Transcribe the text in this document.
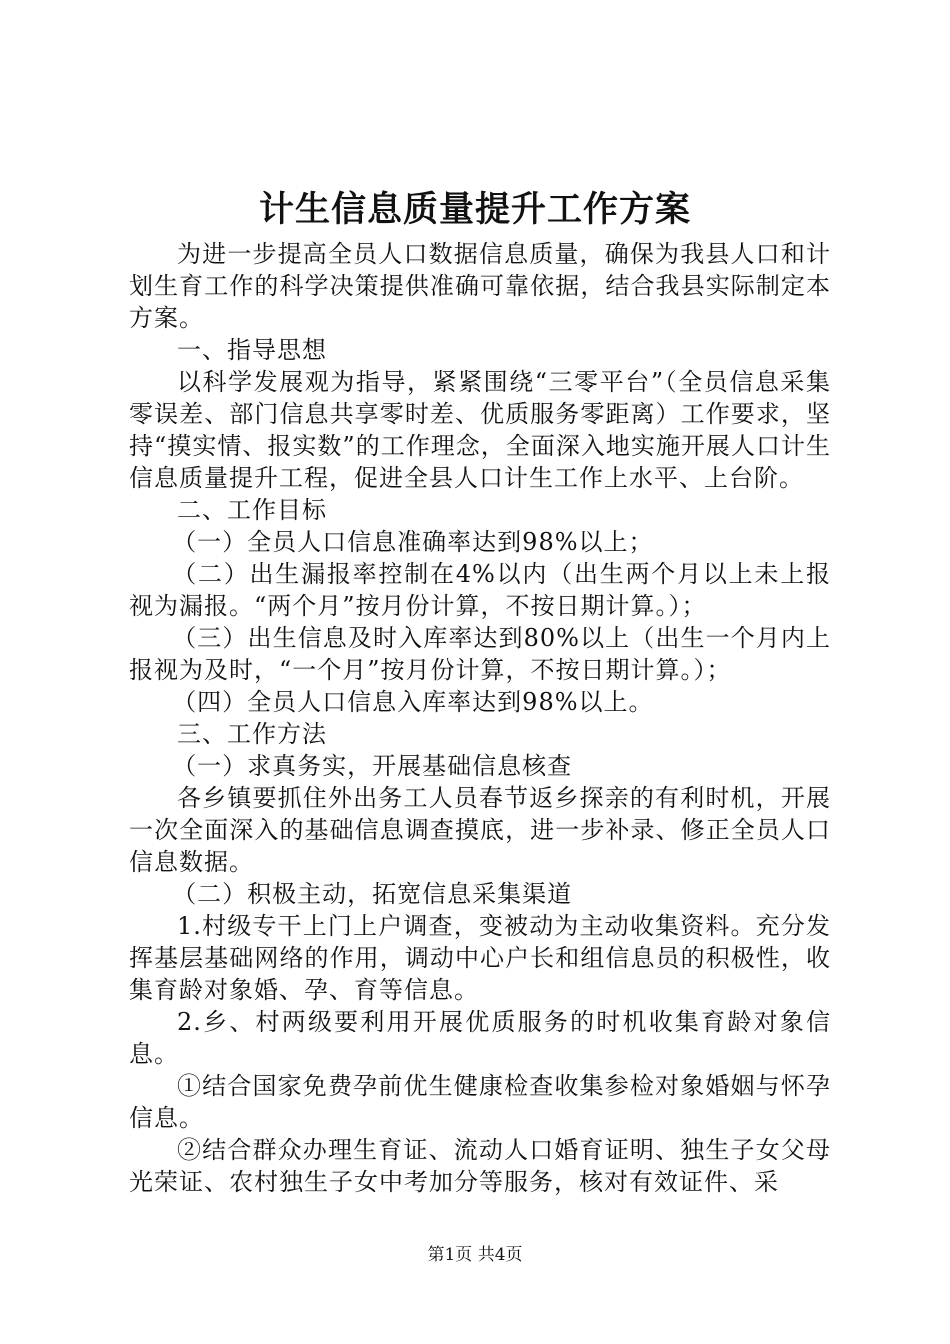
计生信息质量提升工作方案

为进一步提高全员人口数据信息质量，确保为我县人口和计划生育工作的科学决策提供准确可靠依据，结合我县实际制定本方案。

一、指导思想

以科学发展观为指导，紧紧围绕“三零平台”（全员信息采集零误差、部门信息共享零时差、优质服务零距离）工作要求，坚持“摸实情、报实数”的工作理念，全面深入地实施开展人口计生信息质量提升工程，促进全县人口计生工作上水平、上台阶。

二、工作目标

（一）全员人口信息准确率达到98%以上；

（二）出生漏报率控制在4%以内（出生两个月以上未上报视为漏报。“两个月”按月份计算，不按日期计算。）；

（三）出生信息及时入库率达到80%以上（出生一个月内上报视为及时，“一个月”按月份计算，不按日期计算。）；

（四）全员人口信息入库率达到98%以上。

三、工作方法

（一）求真务实，开展基础信息核查

各乡镇要抓住外出务工人员春节返乡探亲的有利时机，开展一次全面深入的基础信息调查摸底，进一步补录、修正全员人口信息数据。

（二）积极主动，拓宽信息采集渠道

1.村级专干上门上户调查，变被动为主动收集资料。充分发挥基层基础网络的作用，调动中心户长和组信息员的积极性，收集育龄对象婚、孕、育等信息。

2.乡、村两级要利用开展优质服务的时机收集育龄对象信息。

①结合国家免费孕前优生健康检查收集参检对象婚姻与怀孕信息。

②结合群众办理生育证、流动人口婚育证明、独生子女父母光荣证、农村独生子女中考加分等服务，核对有效证件、采

第1页 共4页
